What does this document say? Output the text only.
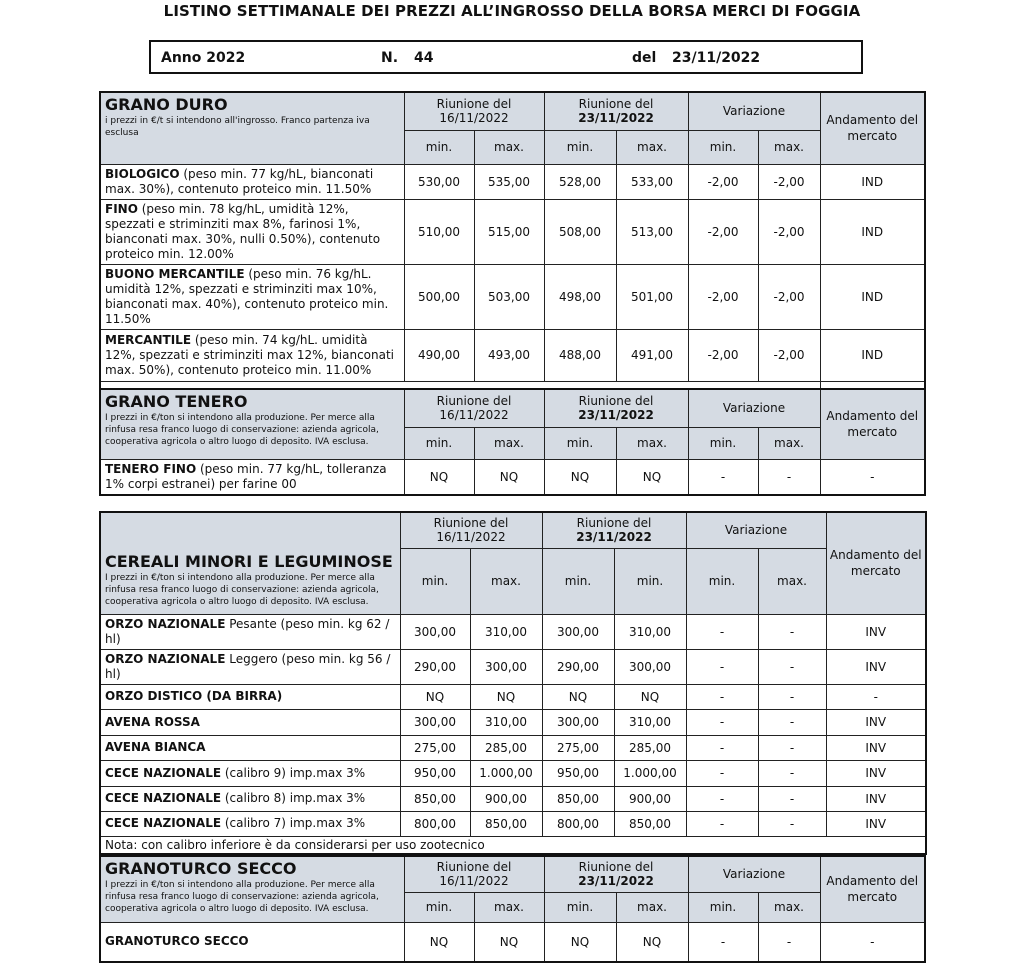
LISTINO SETTIMANALE DEI PREZZI ALL’INGROSSO DELLA BORSA MERCI DI FOGGIA
Anno 2022	N. 44	del 23/11/2022
GRANO DURO
i prezzi in €/t si intendono all'ingrosso. Franco partenza iva esclusa	Riunione del
16/11/2022		Riunione del
23/11/2022		Variazione		Andamento del mercato
	min.	max.	min.	max.	min.	max.	
BIOLOGICO (peso min. 77 kg/hL, bianconati max. 30%), contenuto proteico min. 11.50%	530,00	535,00	528,00	533,00	-2,00	-2,00	IND
FINO (peso min. 78 kg/hL, umidità 12%, spezzati e striminziti max 8%, farinosi 1%, bianconati max. 30%, nulli 0.50%), contenuto proteico min. 12.00%	510,00	515,00	508,00	513,00	-2,00	-2,00	IND
BUONO MERCANTILE (peso min. 76 kg/hL. umidità 12%, spezzati e striminziti max 10%, bianconati max. 40%), contenuto proteico min. 11.50%	500,00	503,00	498,00	501,00	-2,00	-2,00	IND
MERCANTILE (peso min. 74 kg/hL. umidità 12%, spezzati e striminziti max 12%, bianconati max. 50%), contenuto proteico min. 11.00%	490,00	493,00	488,00	491,00	-2,00	-2,00	IND

GRANO TENERO
I prezzi in €/ton si intendono alla produzione. Per merce alla rinfusa resa franco luogo di conservazione: azienda agricola, cooperativa agricola o altro luogo di deposito. IVA esclusa.	Riunione del
16/11/2022		Riunione del
23/11/2022		Variazione		Andamento del mercato
	min.	max.	min.	max.	min.	max.	
TENERO FINO (peso min. 77 kg/hL, tolleranza 1% corpi estranei) per farine 00	NQ	NQ	NQ	NQ	-	-	-
CEREALI MINORI E LEGUMINOSE
I prezzi in €/ton si intendono alla produzione. Per merce alla rinfusa resa franco luogo di conservazione: azienda agricola, cooperativa agricola o altro luogo di deposito. IVA esclusa.	Riunione del
16/11/2022		Riunione del
23/11/2022		Variazione		Andamento del mercato
	min.	max.	min.	min.	min.	max.	
ORZO NAZIONALE Pesante (peso min. kg 62 / hl)	300,00	310,00	300,00	310,00	-	-	INV
ORZO NAZIONALE Leggero (peso min. kg 56 / hl)	290,00	300,00	290,00	300,00	-	-	INV
ORZO DISTICO (DA BIRRA)	NQ	NQ	NQ	NQ	-	-	-
AVENA ROSSA	300,00	310,00	300,00	310,00	-	-	INV
AVENA BIANCA	275,00	285,00	275,00	285,00	-	-	INV
CECE NAZIONALE (calibro 9) imp.max 3%	950,00	1.000,00	950,00	1.000,00	-	-	INV
CECE NAZIONALE (calibro 8) imp.max 3%	850,00	900,00	850,00	900,00	-	-	INV
CECE NAZIONALE (calibro 7) imp.max 3%	800,00	850,00	800,00	850,00	-	-	INV
Nota: con calibro inferiore è da considerarsi per uso zootecnico							
GRANOTURCO SECCO
I prezzi in €/ton si intendono alla produzione. Per merce alla rinfusa resa franco luogo di conservazione: azienda agricola, cooperativa agricola o altro luogo di deposito. IVA esclusa.	Riunione del
16/11/2022		Riunione del
23/11/2022		Variazione		Andamento del mercato
	min.	max.	min.	max.	min.	max.	
GRANOTURCO SECCO	NQ	NQ	NQ	NQ	-	-	-
